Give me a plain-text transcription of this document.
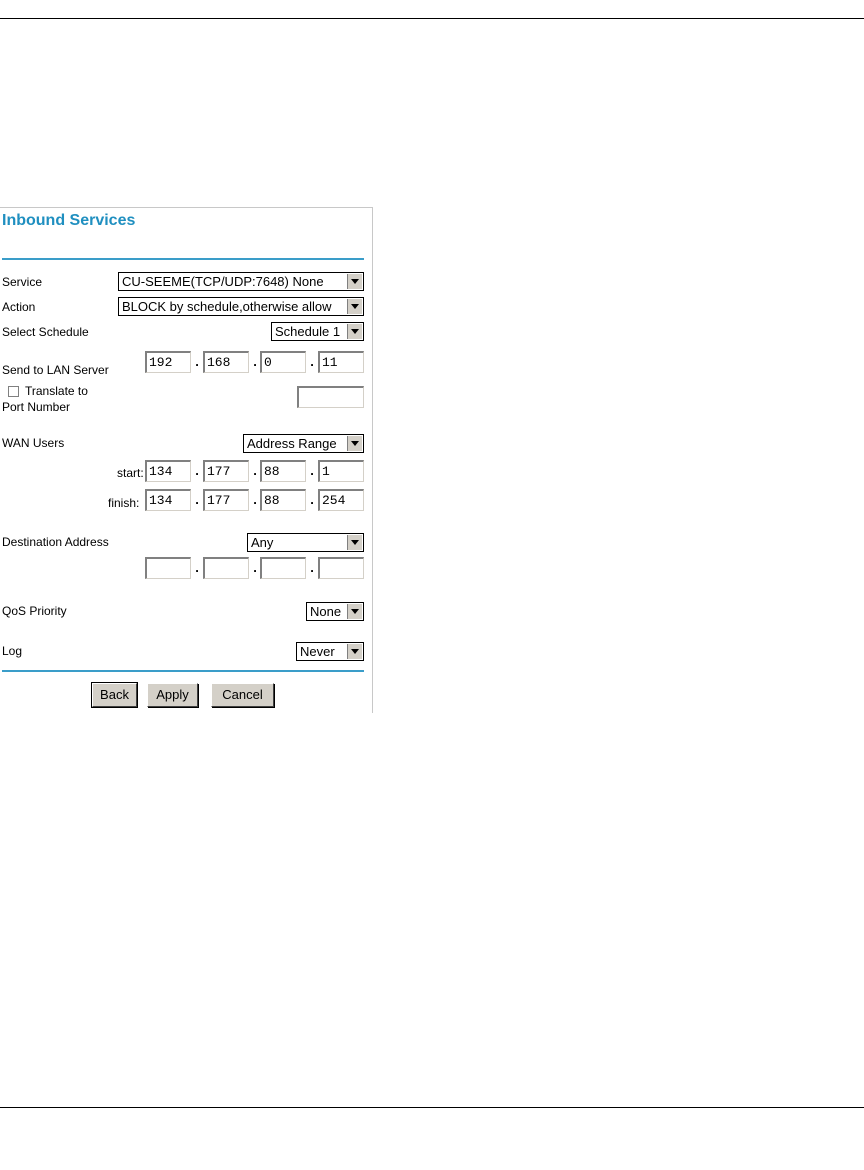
Inbound Services
Service	CU-SEEME(TCP/UDP:7648) None
Action	BLOCK by schedule,otherwise allow
Select Schedule	Schedule 1
Send to LAN Server	192	. 168	. 0	. 11
Translate to
Port Number
WAN Users	Address Range
start: 134	. 177	. 88	. 1
finish: 134	. 177	. 88	. 254
Destination Address	Any
.	.	.
QoS Priority	None
Log	Never
Back	Apply	Cancel
